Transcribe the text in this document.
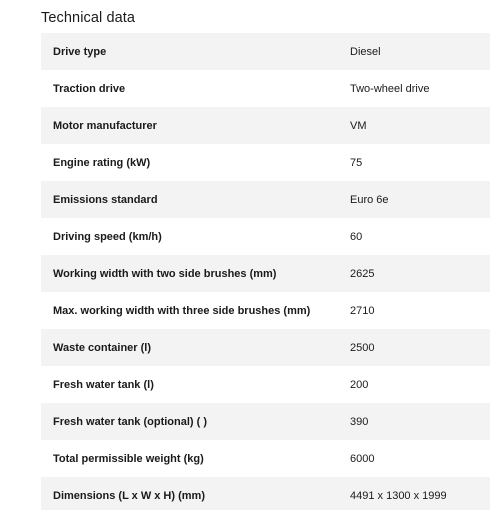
Technical data
Drive type	Diesel
Traction drive	Two-wheel drive
Motor manufacturer	VM
Engine rating (kW)	75
Emissions standard	Euro 6e
Driving speed (km/h)	60
Working width with two side brushes (mm)	2625
Max. working width with three side brushes (mm)	2710
Waste container (l)	2500
Fresh water tank (l)	200
Fresh water tank (optional) ( )	390
Total permissible weight (kg)	6000
Dimensions (L x W x H) (mm)	4491 x 1300 x 1999
